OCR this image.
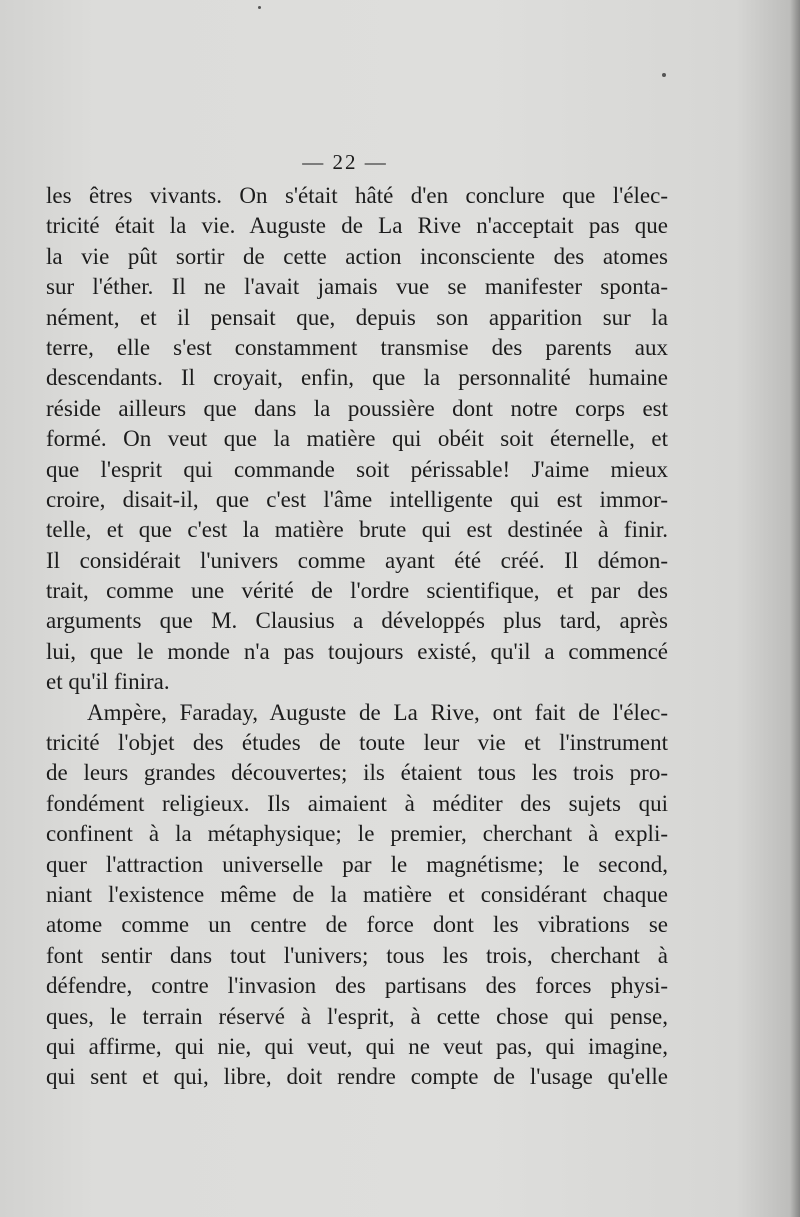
— 22 —
les êtres vivants. On s'était hâté d'en conclure que l'élec-
tricité était la vie. Auguste de La Rive n'acceptait pas que
la vie pût sortir de cette action inconsciente des atomes
sur l'éther. Il ne l'avait jamais vue se manifester sponta-
nément, et il pensait que, depuis son apparition sur la
terre, elle s'est constamment transmise des parents aux
descendants. Il croyait, enfin, que la personnalité humaine
réside ailleurs que dans la poussière dont notre corps est
formé. On veut que la matière qui obéit soit éternelle, et
que l'esprit qui commande soit périssable! J'aime mieux
croire, disait-il, que c'est l'âme intelligente qui est immor-
telle, et que c'est la matière brute qui est destinée à finir.
Il considérait l'univers comme ayant été créé. Il démon-
trait, comme une vérité de l'ordre scientifique, et par des
arguments que M. Clausius a développés plus tard, après
lui, que le monde n'a pas toujours existé, qu'il a commencé
et qu'il finira.
Ampère, Faraday, Auguste de La Rive, ont fait de l'élec-
tricité l'objet des études de toute leur vie et l'instrument
de leurs grandes découvertes; ils étaient tous les trois pro-
fondément religieux. Ils aimaient à méditer des sujets qui
confinent à la métaphysique; le premier, cherchant à expli-
quer l'attraction universelle par le magnétisme; le second,
niant l'existence même de la matière et considérant chaque
atome comme un centre de force dont les vibrations se
font sentir dans tout l'univers; tous les trois, cherchant à
défendre, contre l'invasion des partisans des forces physi-
ques, le terrain réservé à l'esprit, à cette chose qui pense,
qui affirme, qui nie, qui veut, qui ne veut pas, qui imagine,
qui sent et qui, libre, doit rendre compte de l'usage qu'elle
